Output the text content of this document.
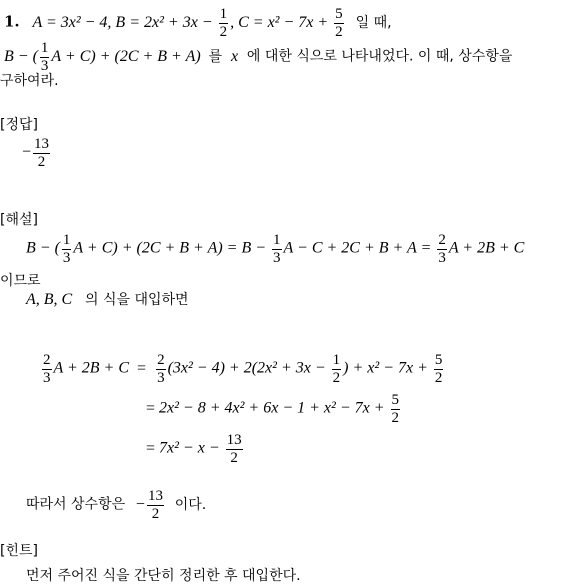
1. A = 3x² − 4, $B = 2x^2 + 3x - \frac{1}{2}$ , $C = x^2 - 7x + \frac{5}{2}$ 일 때,
B − ( $\frac{1}{3}$ A + C) + (2C + B + A) 를 x 에 대한 식으로 나타내었다. 이 때, 상수항을
구하여라.
[정답]
− $\frac{13}{2}$
[해설]
B − ( $\frac{1}{3}$ $A + C) + (2C + B + A) = B - \frac{1}{3}$ $A - C + 2C + B + A = \frac{2}{3}$ A + 2B + C
이므로
A, B, C 의 식을 대입하면
$\frac{2}{3}$ $A + 2B + C = \frac{2}{3} (3x^2 - 4) + 2(2x^2 + 3x - \frac{1}{2}$ ) + $x^2 - 7x + \frac{5}{2}$
= $2x^2 - 8 + 4x^2 + 6x - 1 + x^2 - 7x + \frac{5}{2}$
= $7x^2 - x - \frac{13}{2}$
따라서 상수항은 − $\frac{13}{2}$ 이다.
[힌트]
먼저 주어진 식을 간단히 정리한 후 대입한다.
